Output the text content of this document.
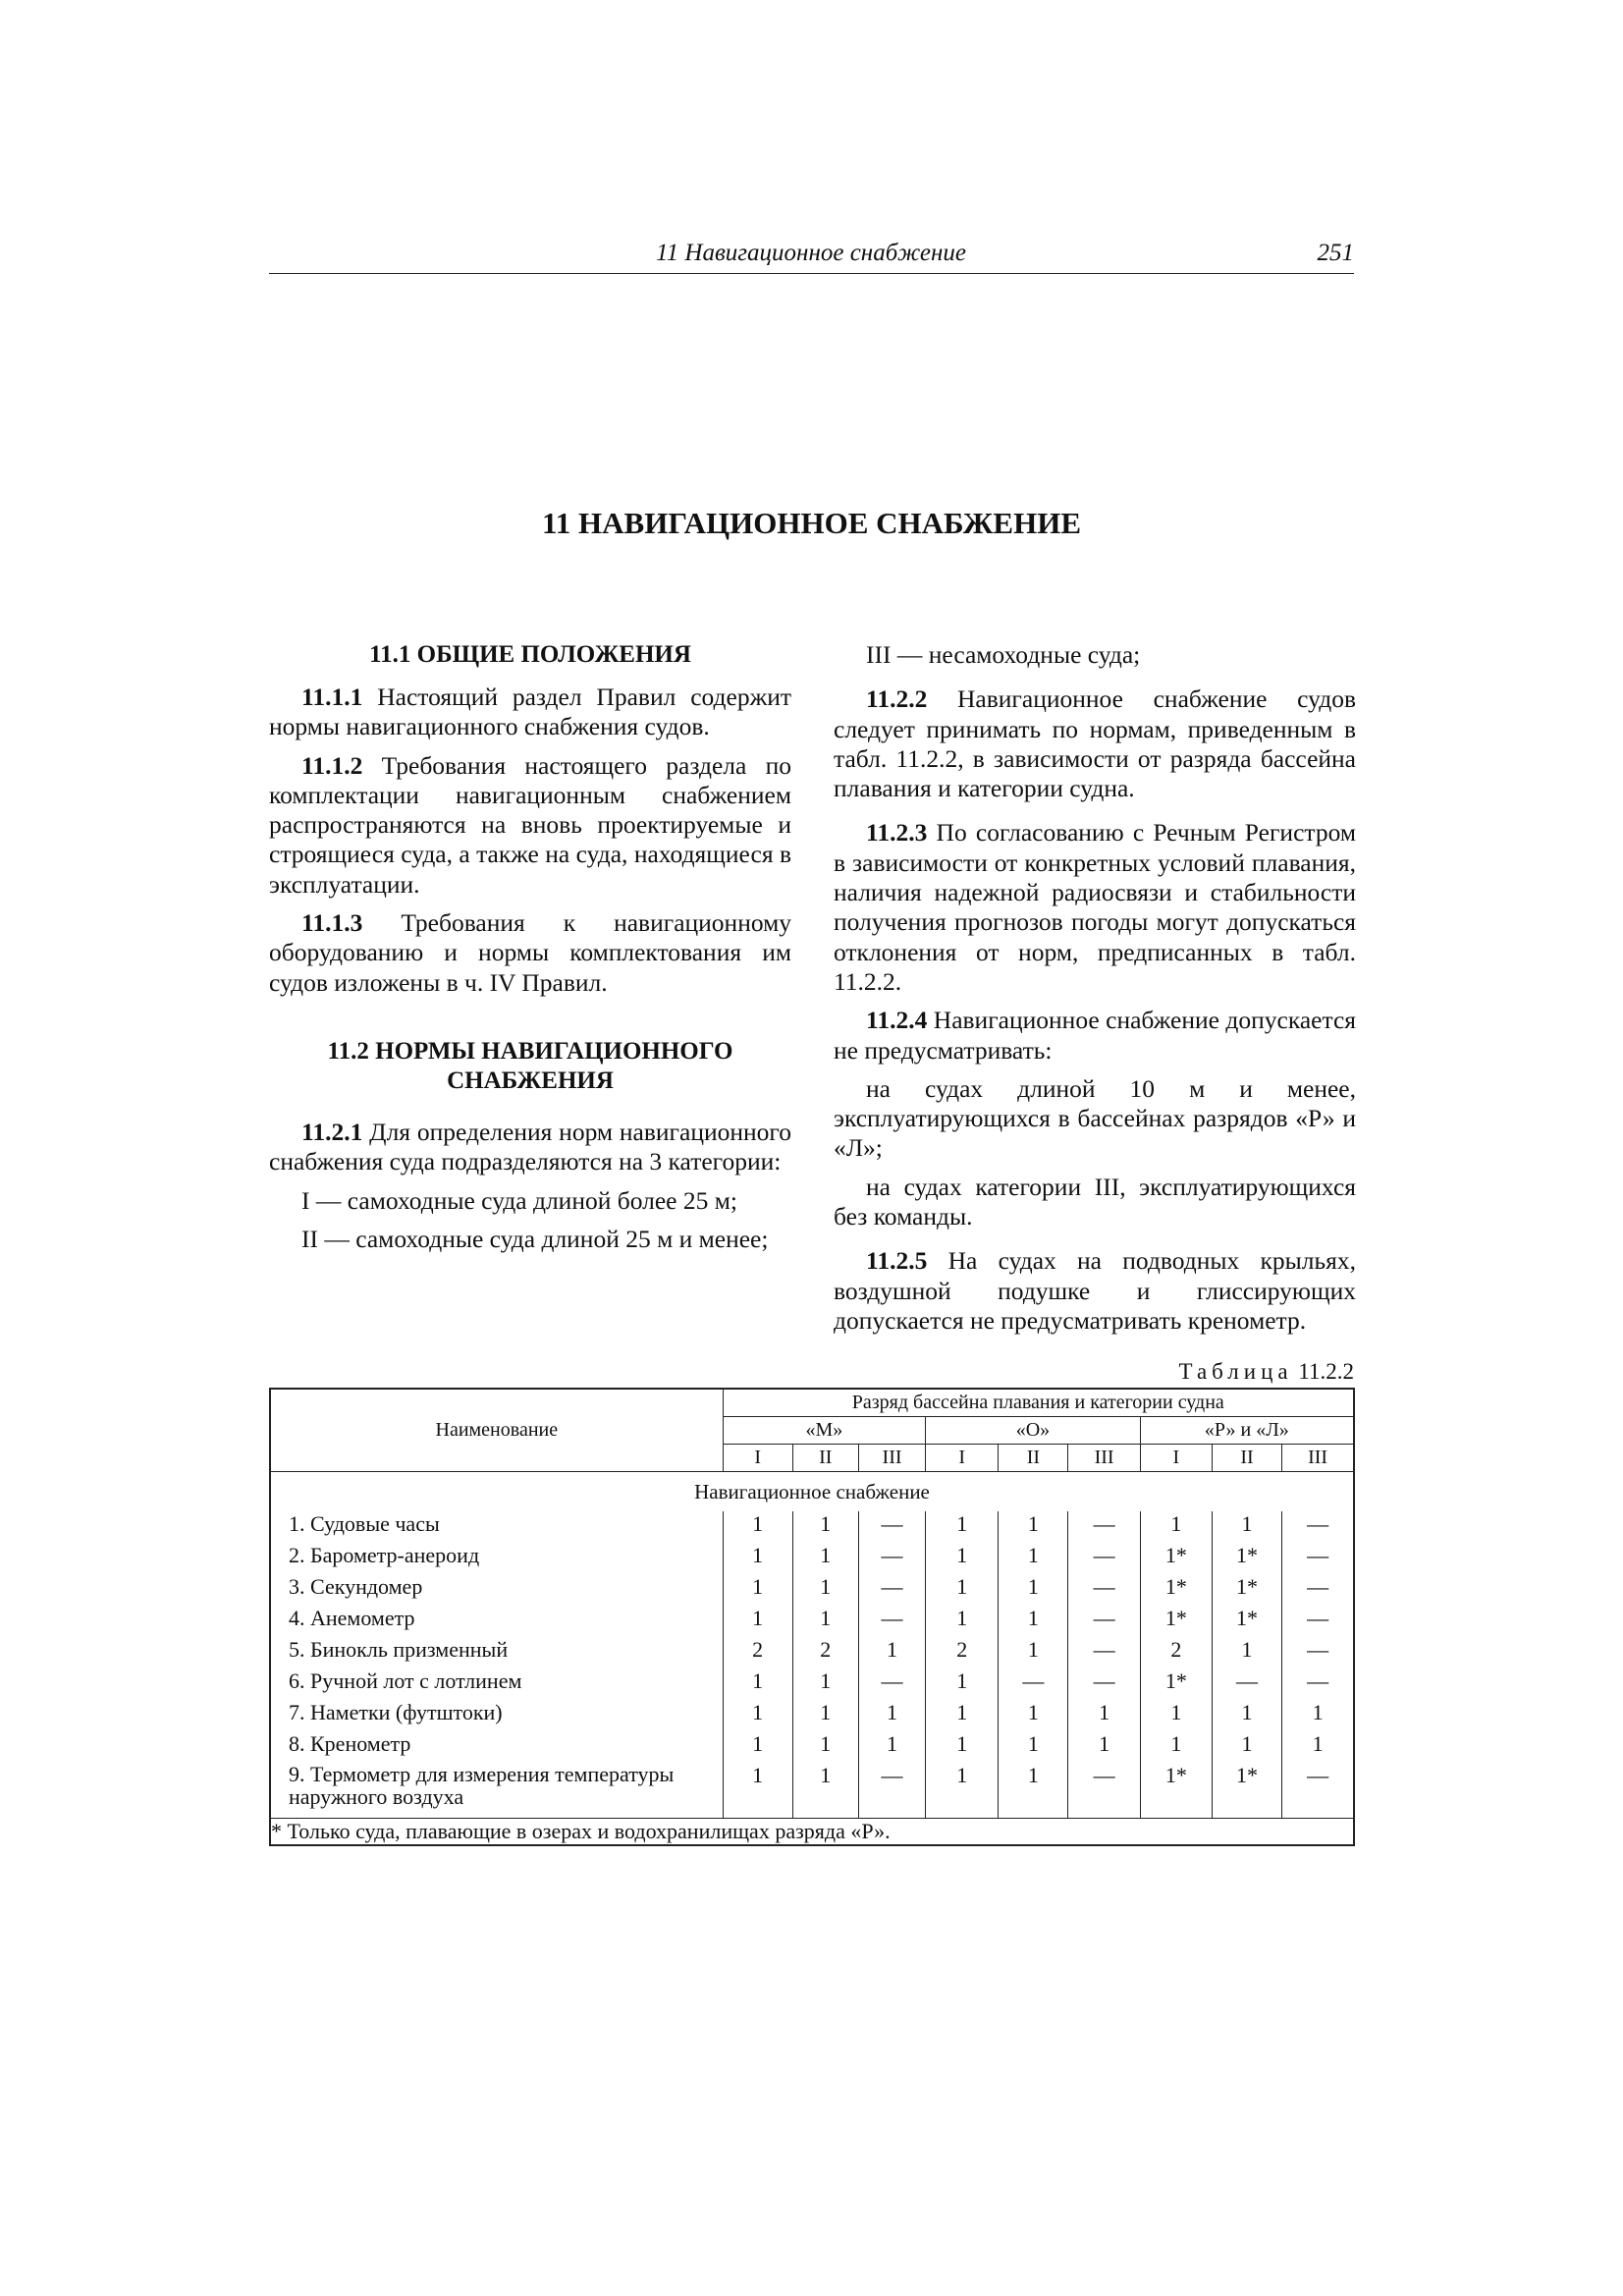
11 Навигационное снабжение	251
11 НАВИГАЦИОННОЕ СНАБЖЕНИЕ
11.1 ОБЩИЕ ПОЛОЖЕНИЯ

11.1.1 Настоящий раздел Правил содержит нормы навигационного снабжения судов.

11.1.2 Требования настоящего раздела по комплектации навигационным снабжением распространяются на вновь проектируемые и строящиеся суда, а также на суда, находящиеся в эксплуатации.

11.1.3 Требования к навигационному оборудованию и нормы комплектования им судов изложены в ч. IV Правил.

11.2 НОРМЫ НАВИГАЦИОННОГО СНАБЖЕНИЯ

11.2.1 Для определения норм навигационного снабжения суда подразделяются на 3 категории:

I — самоходные суда длиной более 25 м;

II — самоходные суда длиной 25 м и менее;

III — несамоходные суда;

11.2.2 Навигационное снабжение судов следует принимать по нормам, приведенным в табл. 11.2.2, в зависимости от разряда бассейна плавания и категории судна.

11.2.3 По согласованию с Речным Регистром в зависимости от конкретных условий плавания, наличия надежной радиосвязи и стабильности получения прогнозов погоды могут допускаться отклонения от норм, предписанных в табл. 11.2.2.

11.2.4 Навигационное снабжение допускается не предусматривать:

на судах длиной 10 м и менее, эксплуатирующихся в бассейнах разрядов «Р» и «Л»;

на судах категории III, эксплуатирующихся без команды.

11.2.5 На судах на подводных крыльях, воздушной подушке и глиссирующих допускается не предусматривать кренометр.

Таблица 11.2.2
Наименование	Разряд бассейна плавания и категории судна								
	«М»			«О»			«Р» и «Л»		
	I	II	III	I	II	III	I	II	III
Навигационное снабжение									
1. Судовые часы	1	1	—	1	1	—	1	1	—
2. Барометр-анероид	1	1	—	1	1	—	1*	1*	—
3. Секундомер	1	1	—	1	1	—	1*	1*	—
4. Анемометр	1	1	—	1	1	—	1*	1*	—
5. Бинокль призменный	2	2	1	2	1	—	2	1	—
6. Ручной лот с лотлинем	1	1	—	1	—	—	1*	—	—
7. Наметки (футштоки)	1	1	1	1	1	1	1	1	1
8. Кренометр	1	1	1	1	1	1	1	1	1
9. Термометр для измерения температуры наружного воздуха	1	1	—	1	1	—	1*	1*	—
* Только суда, плавающие в озерах и водохранилищах разряда «Р».									
